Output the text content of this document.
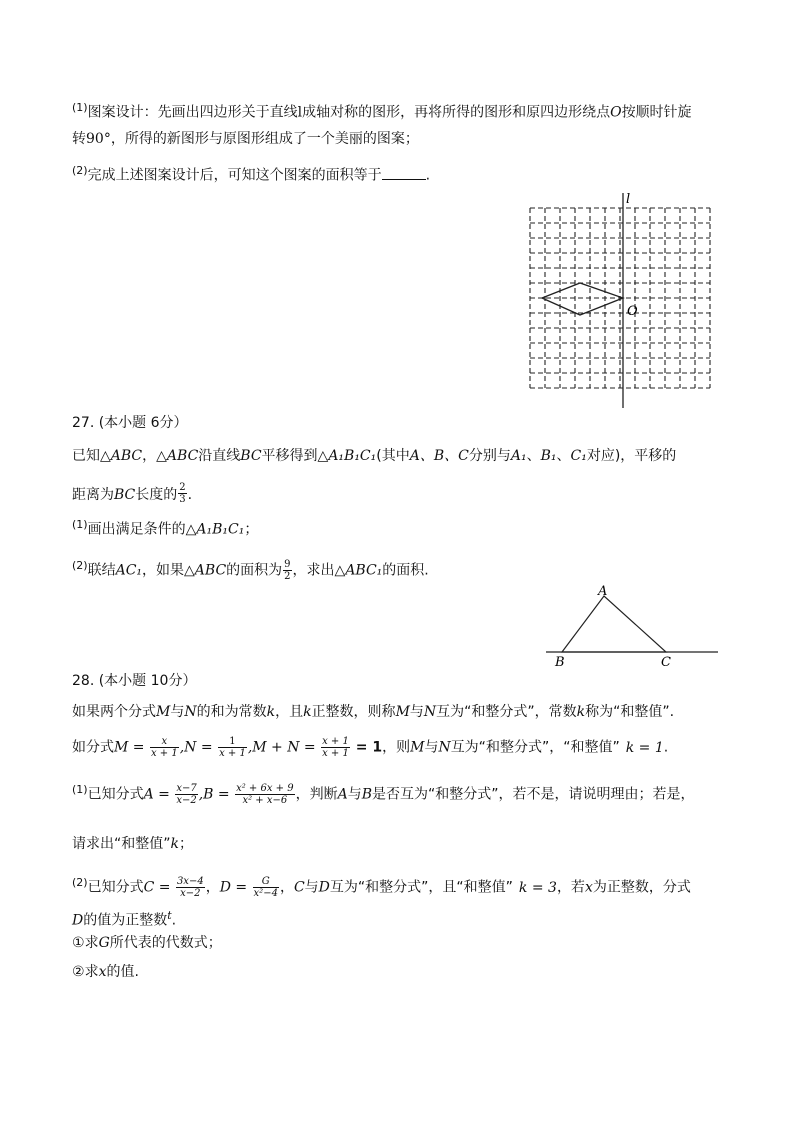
$^{(1)}$图案设计：先画出四边形关于直线l成轴对称的图形，再将所得的图形和原四边形绕点O按顺时针旋
转90°，所得的新图形与原图形组成了一个美丽的图案；
$^{(2)}$完成上述图案设计后，可知这个图案的面积等于	.
l
O
27. (本小题 6分）
已知△ABC，△ABC沿直线BC平移得到△A₁B₁C₁(其中A、B、C分别与A₁、B₁、C₁对应)，平移的
距离为BC长度的 $\frac{2}{3}$ .
$^{(1)}$画出满足条件的△A₁B₁C₁；
$^{(2)}$联结AC₁，如果△ABC的面积为 $\frac{9}{2}$ ，求出△ABC₁的面积.
A
B	C
28. (本小题 10分）
如果两个分式M与N的和为常数k，且k正整数，则称M与N互为“和整分式”，常数k称为“和整值”.
如分式$M = \frac{x}{x + 1} ,N = \frac{1}{x + 1} ,M + N = \frac{x + 1}{x + 1} = 1$，则M与N互为“和整分式”，“和整值” k = 1.
$^{(1)}$已知分式$A = \frac{x-7}{x-2} ,B = \frac{\text{x² + 6x + 9}}{\text{x² + x−6}}$ ，判断A与B是否互为“和整分式”，若不是，请说明理由；若是，
请求出“和整值”k；
$^{(2)}$已知分式$C = \frac{3x-4}{x-2}$ ，$D = \frac{G}{\text{x²−4}}$ ，C与D互为“和整分式”，且“和整值” k = 3，若x为正整数，分式
D的值为正整数$^t$.
①求G所代表的代数式；
②求x的值.
